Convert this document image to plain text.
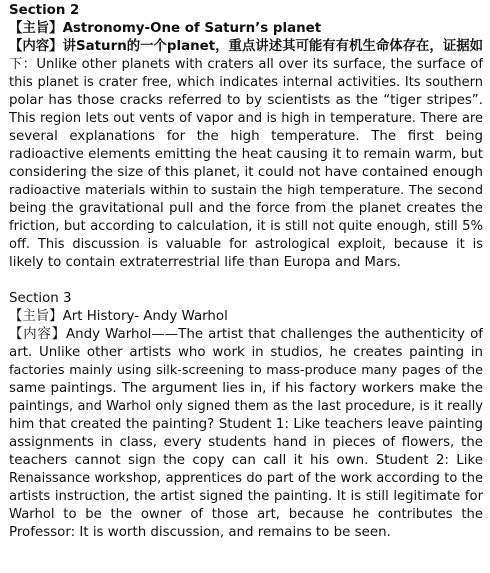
Section 2
【主旨】Astronomy-One of Saturn’s planet
【内容】讲Saturn的一个planet，重点讲述其可能有有机生命体存在，证据如
下：Unlike other planets with craters all over its surface, the surface of
this planet is crater free, which indicates internal activities. Its southern
polar has those cracks referred to by scientists as the “tiger stripes”.
This region lets out vents of vapor and is high in temperature. There are
several explanations for the high temperature. The first being
radioactive elements emitting the heat causing it to remain warm, but
considering the size of this planet, it could not have contained enough
radioactive materials within to sustain the high temperature. The second
being the gravitational pull and the force from the planet creates the
friction, but according to calculation, it is still not quite enough, still 5%
off. This discussion is valuable for astrological exploit, because it is
likely to contain extraterrestrial life than Europa and Mars.
Section 3
【主旨】Art History- Andy Warhol
【内容】Andy Warhol——The artist that challenges the authenticity of
art. Unlike other artists who work in studios, he creates painting in
factories mainly using silk-screening to mass-produce many pages of the
same paintings. The argument lies in, if his factory workers make the
paintings, and Warhol only signed them as the last procedure, is it really
him that created the painting? Student 1: Like teachers leave painting
assignments in class, every students hand in pieces of flowers, the
teachers cannot sign the copy can call it his own. Student 2: Like
Renaissance workshop, apprentices do part of the work according to the
artists instruction, the artist signed the painting. It is still legitimate for
Warhol to be the owner of those art, because he contributes the
Professor: It is worth discussion, and remains to be seen.
